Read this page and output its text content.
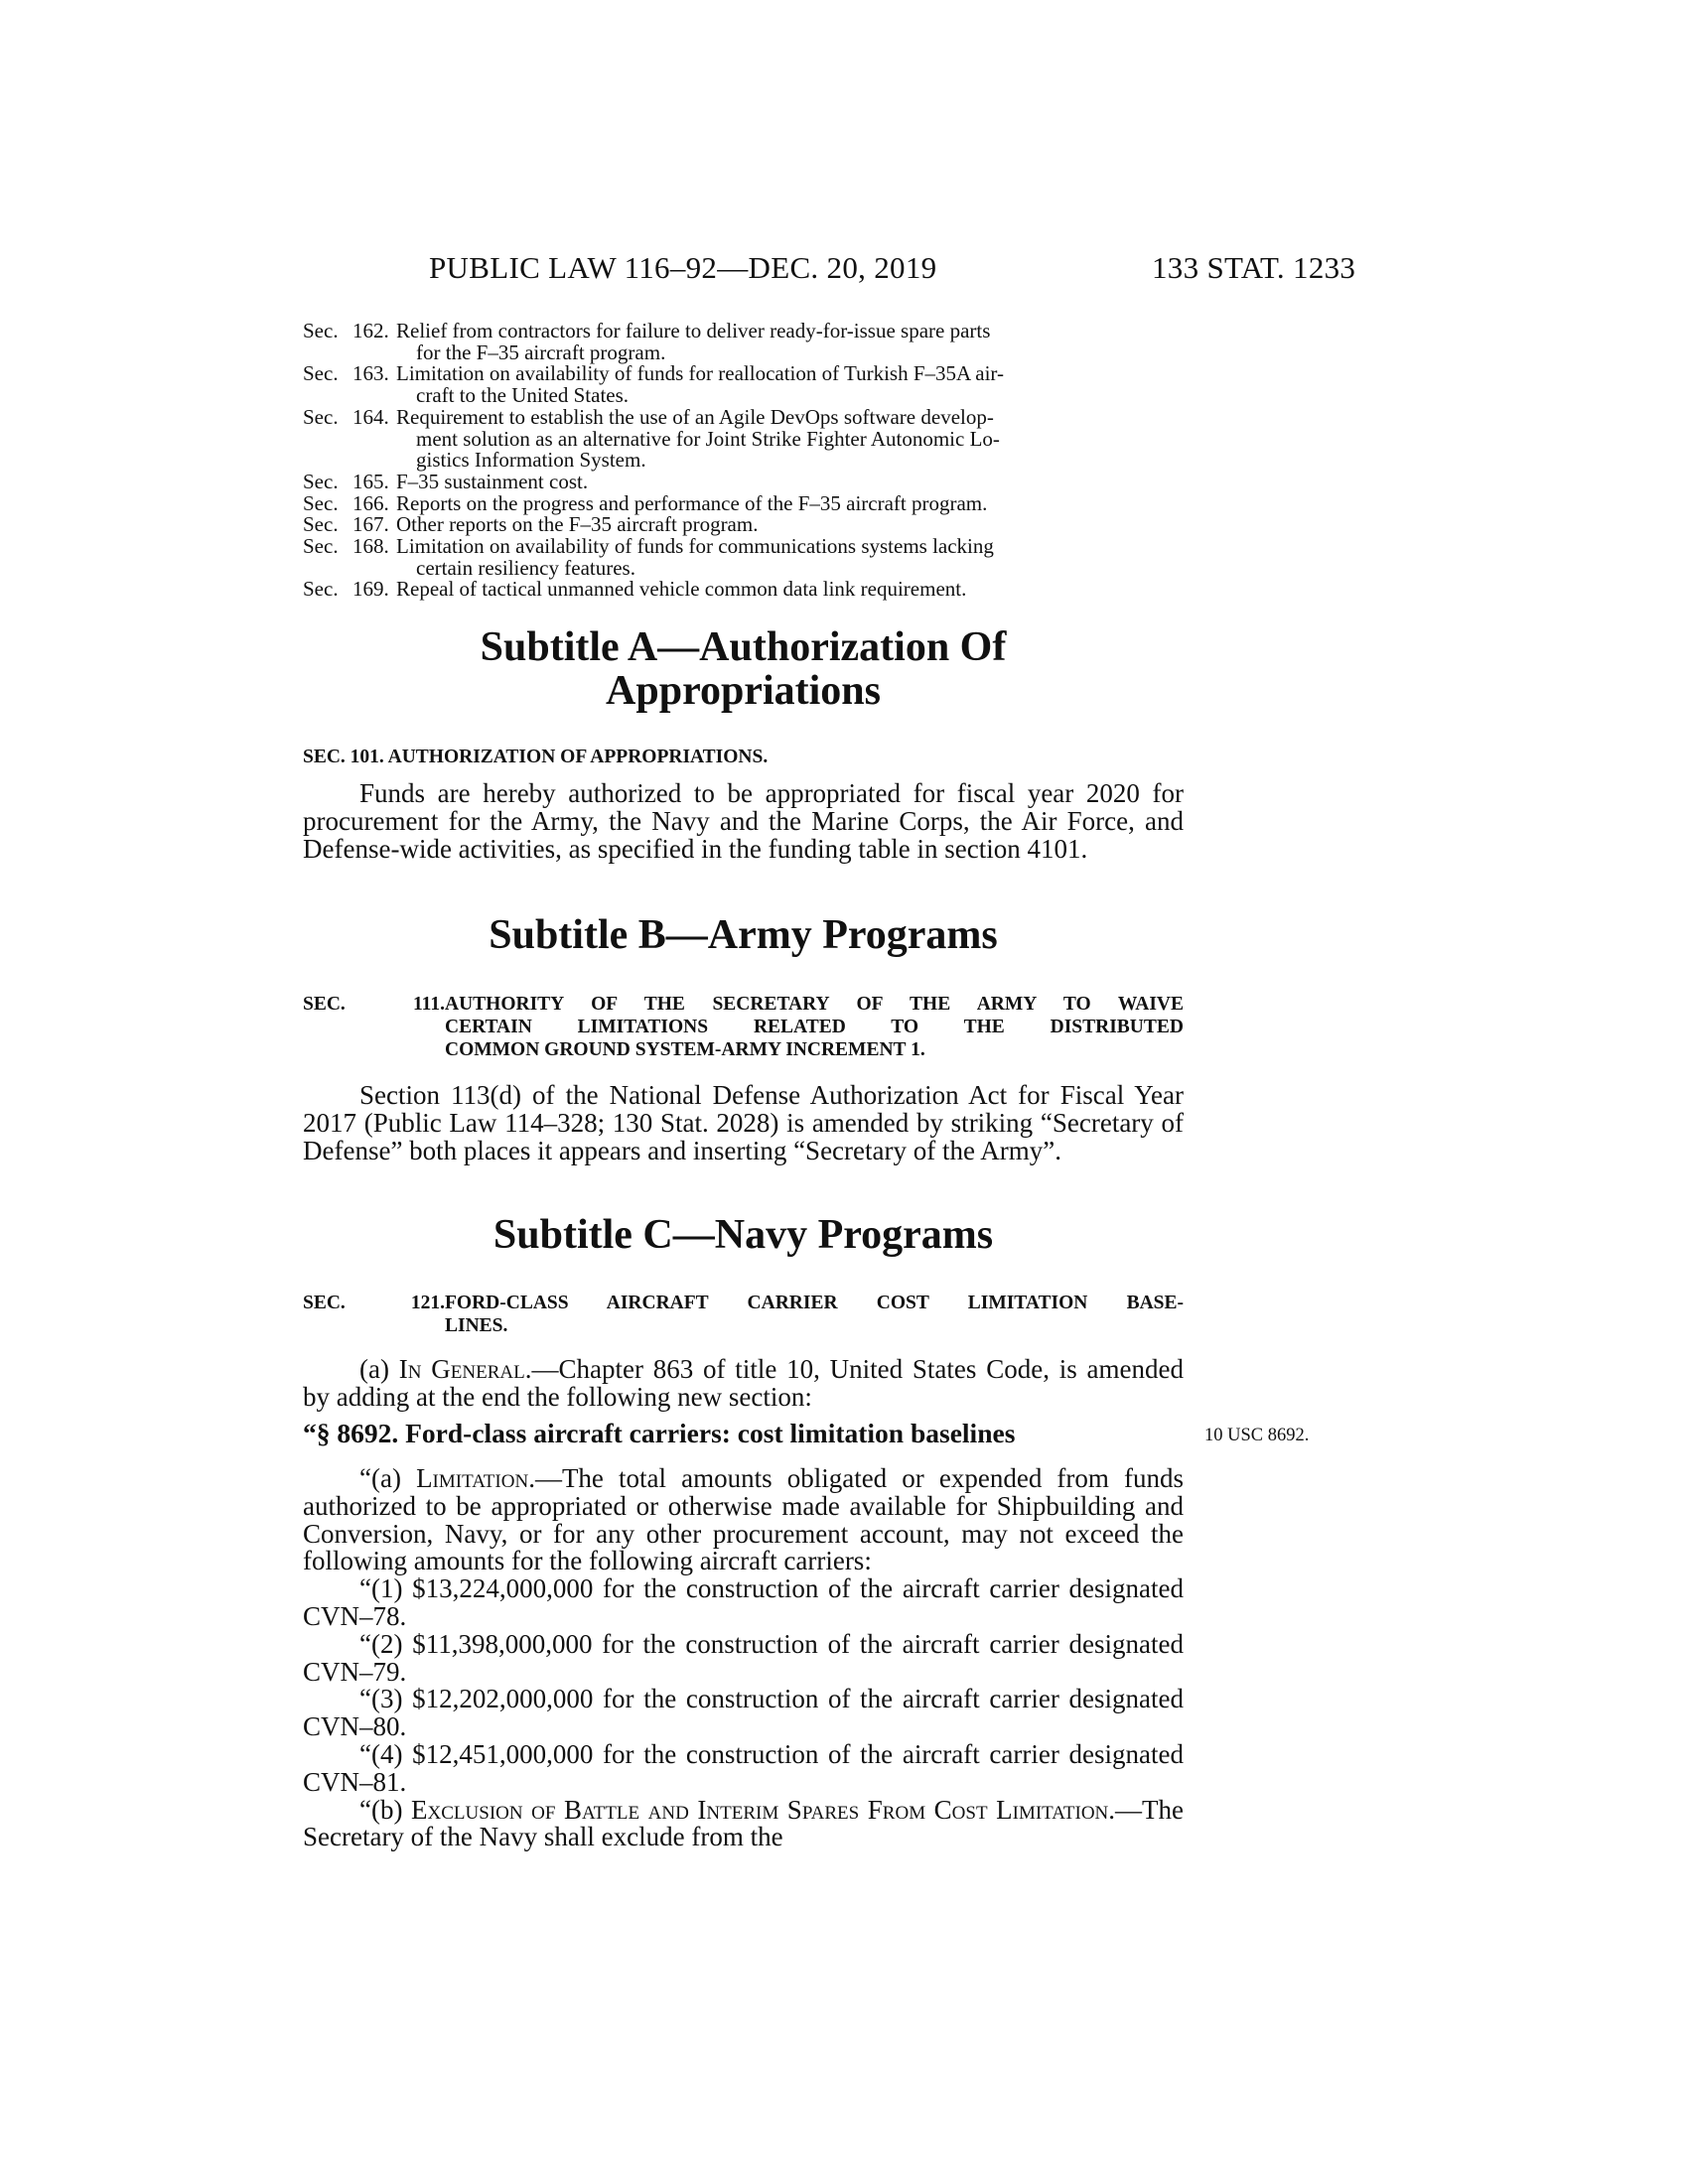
PUBLIC LAW 116–92—DEC. 20, 2019	133 STAT. 1233
Sec. 162. Relief from contractors for failure to deliver ready-for-issue spare parts
for the F–35 aircraft program.
Sec. 163. Limitation on availability of funds for reallocation of Turkish F–35A air-
craft to the United States.
Sec. 164. Requirement to establish the use of an Agile DevOps software develop-
ment solution as an alternative for Joint Strike Fighter Autonomic Lo-
gistics Information System.
Sec. 165. F–35 sustainment cost.
Sec. 166. Reports on the progress and performance of the F–35 aircraft program.
Sec. 167. Other reports on the F–35 aircraft program.
Sec. 168. Limitation on availability of funds for communications systems lacking
certain resiliency features.
Sec. 169. Repeal of tactical unmanned vehicle common data link requirement.
Subtitle A—Authorization Of
Appropriations
SEC. 101. AUTHORIZATION OF APPROPRIATIONS.

Funds are hereby authorized to be appropriated for fiscal year 2020 for procurement for the Army, the Navy and the Marine Corps, the Air Force, and Defense-wide activities, as specified in the funding table in section 4101.

Subtitle B—Army Programs
SEC. 111.AUTHORITY OF THE SECRETARY OF THE ARMY TO WAIVE
CERTAIN LIMITATIONS RELATED TO THE DISTRIBUTED
COMMON GROUND SYSTEM-ARMY INCREMENT 1.

Section 113(d) of the National Defense Authorization Act for Fiscal Year 2017 (Public Law 114–328; 130 Stat. 2028) is amended by striking “Secretary of Defense” both places it appears and inserting “Secretary of the Army”.

Subtitle C—Navy Programs
SEC. 121.FORD-CLASS AIRCRAFT CARRIER COST LIMITATION BASE-
LINES.

(a) In General.—Chapter 863 of title 10, United States Code, is amended by adding at the end the following new section:

“§ 8692. Ford-class aircraft carriers: cost limitation baselines	10 USC 8692.

“(a) Limitation.—The total amounts obligated or expended from funds authorized to be appropriated or otherwise made available for Shipbuilding and Conversion, Navy, or for any other procurement account, may not exceed the following amounts for the following aircraft carriers:

“(1) $13,224,000,000 for the construction of the aircraft carrier designated CVN–78.

“(2) $11,398,000,000 for the construction of the aircraft carrier designated CVN–79.

“(3) $12,202,000,000 for the construction of the aircraft carrier designated CVN–80.

“(4) $12,451,000,000 for the construction of the aircraft carrier designated CVN–81.

“(b) Exclusion of Battle and Interim Spares From Cost Limitation.—The Secretary of the Navy shall exclude from the
